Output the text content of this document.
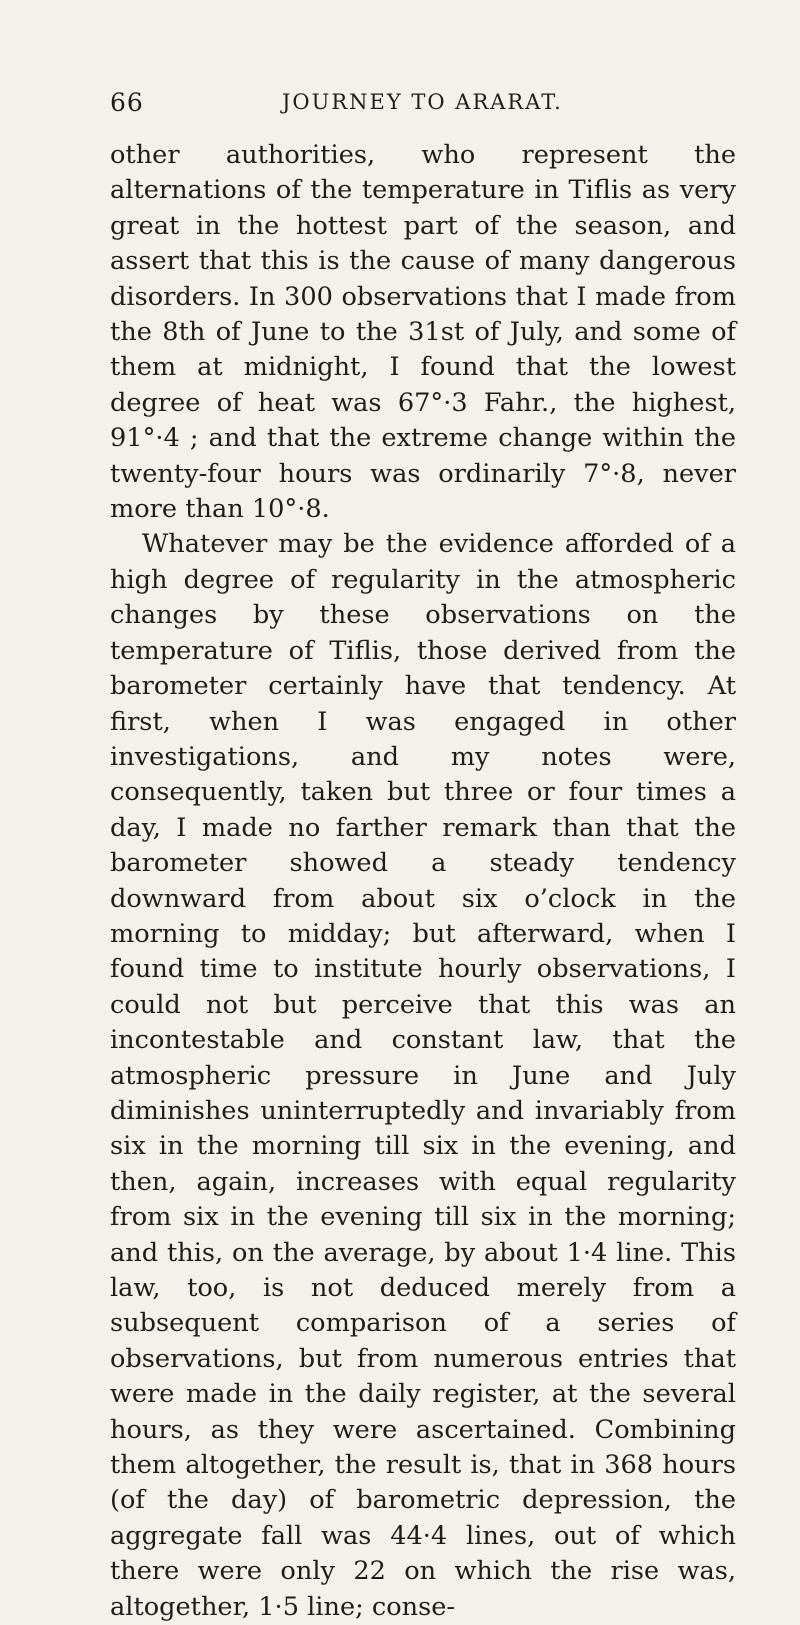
66	JOURNEY TO ARARAT.

other authorities, who represent the alternations of the temperature in Tiflis as very great in the hottest part of the season, and assert that this is the cause of many dangerous disorders. In 300 observations that I made from the 8th of June to the 31st of July, and some of them at midnight, I found that the lowest degree of heat was 67°·3 Fahr., the highest, 91°·4 ; and that the extreme change within the twenty-four hours was ordinarily 7°·8, never more than 10°·8.

Whatever may be the evidence afforded of a high degree of regularity in the atmospheric changes by these observations on the temperature of Tiflis, those derived from the barometer certainly have that tendency. At first, when I was engaged in other investigations, and my notes were, consequently, taken but three or four times a day, I made no farther remark than that the barometer showed a steady tendency downward from about six o’clock in the morning to midday; but afterward, when I found time to institute hourly observations, I could not but perceive that this was an incontestable and constant law, that the atmospheric pressure in June and July diminishes uninterruptedly and invariably from six in the morning till six in the evening, and then, again, increases with equal regularity from six in the evening till six in the morning; and this, on the average, by about 1·4 line. This law, too, is not deduced merely from a subsequent comparison of a series of observations, but from numerous entries that were made in the daily register, at the several hours, as they were ascertained. Combining them altogether, the result is, that in 368 hours (of the day) of barometric depression, the aggregate fall was 44·4 lines, out of which there were only 22 on which the rise was, altogether, 1·5 line; conse-
